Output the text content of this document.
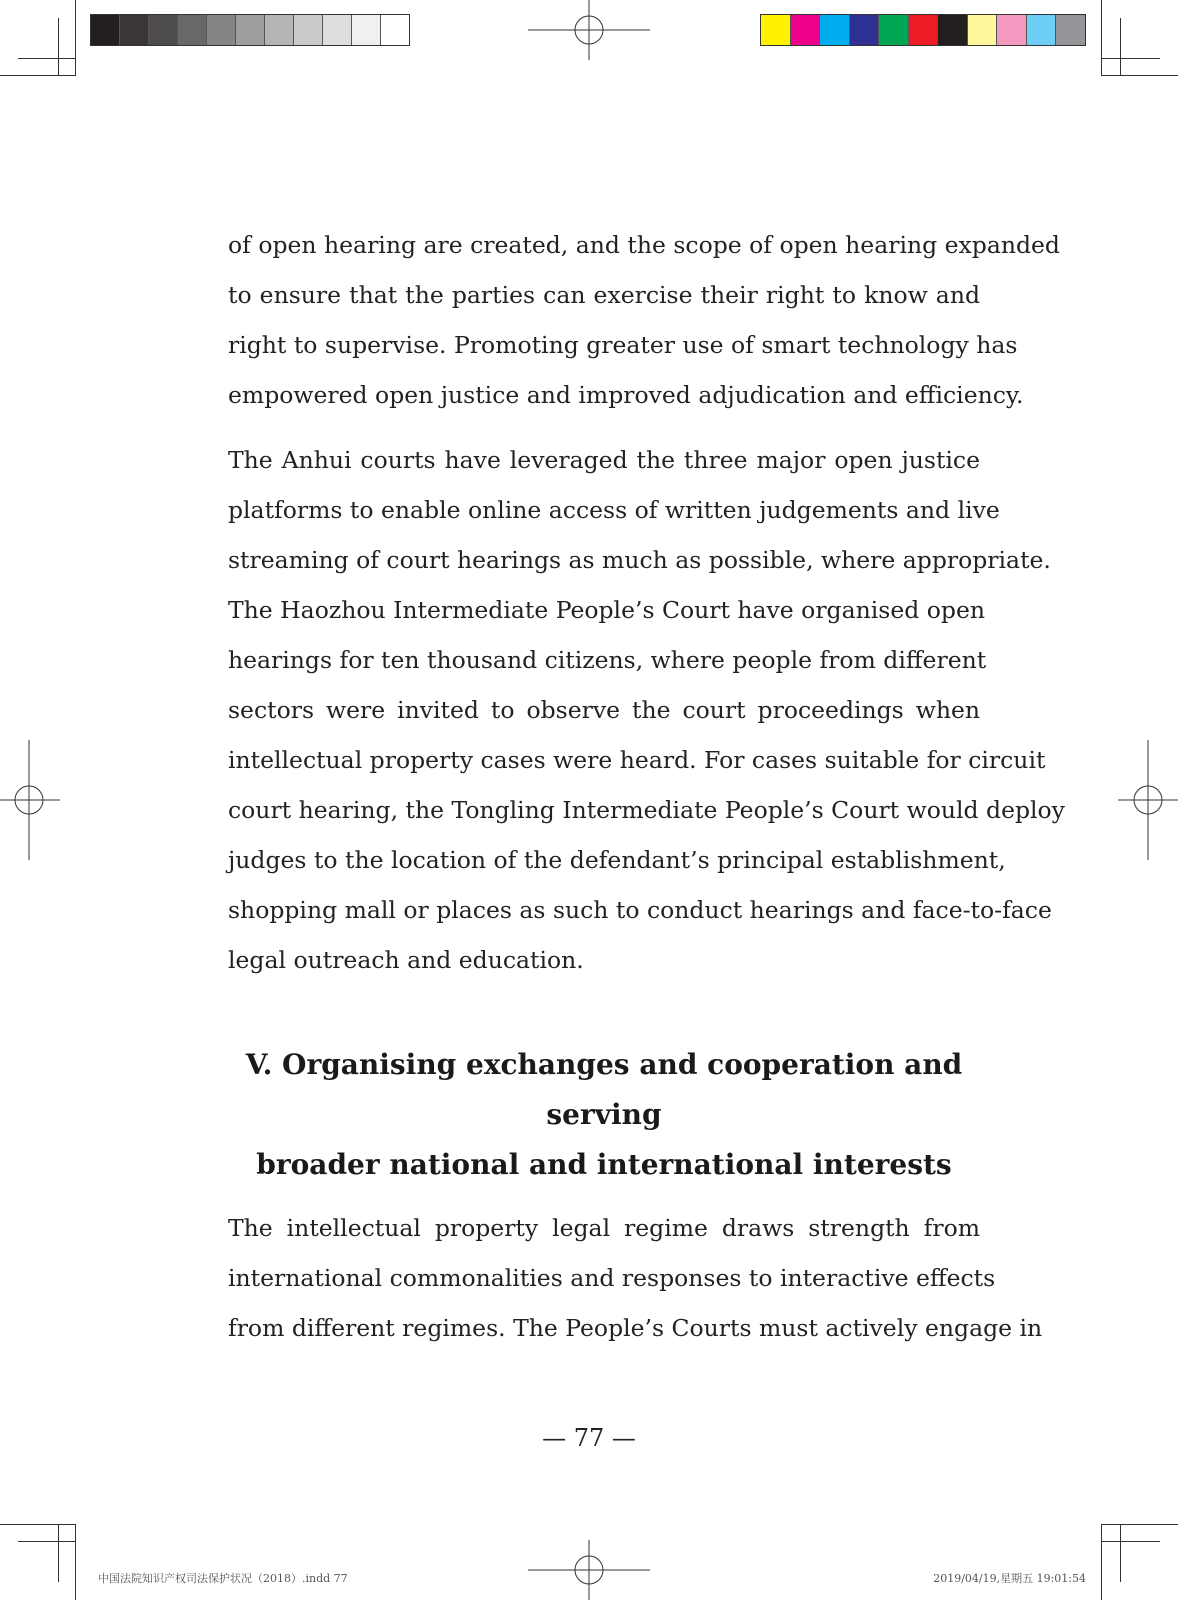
of open hearing are created, and the scope of open hearing expanded
to ensure that the parties can exercise their right to know and
right to supervise. Promoting greater use of smart technology has
empowered open justice and improved adjudication and efficiency.
The Anhui courts have leveraged the three major open justice
platforms to enable online access of written judgements and live
streaming of court hearings as much as possible, where appropriate.
The Haozhou Intermediate People’s Court have organised open
hearings for ten thousand citizens, where people from different
sectors were invited to observe the court proceedings when
intellectual property cases were heard. For cases suitable for circuit
court hearing, the Tongling Intermediate People’s Court would deploy
judges to the location of the defendant’s principal establishment,
shopping mall or places as such to conduct hearings and face-to-face
legal outreach and education.
V. Organising exchanges and cooperation and serving
broader national and international interests
The intellectual property legal regime draws strength from
international commonalities and responses to interactive effects
from different regimes. The People’s Courts must actively engage in
— 77 —
中国法院知识产权司法保护状况（2018）.indd 77	2019/04/19,星期五 19:01:54
